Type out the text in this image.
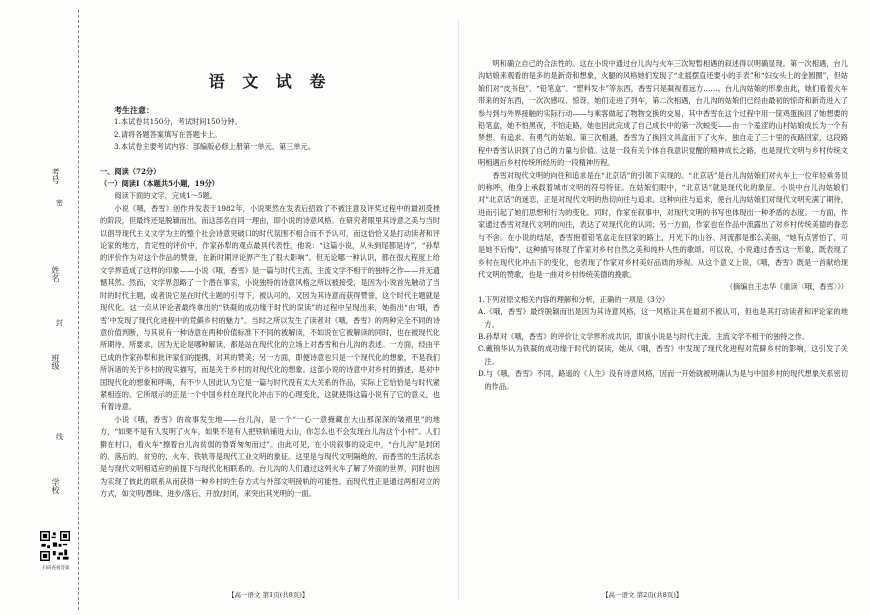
考号
姓名
班级
学校
密
封
线
扫码查看答案
语 文 试 卷
考生注意：

1.本试卷共150分，考试时间150分钟。

2.请将各题答案填写在答题卡上。

3.本试卷主要考试内容：部编版必修上册第一单元、第三单元。

一、阅读（72分）

（一）阅读Ⅰ（本题共5小题，19分）

阅读下面的文字，完成1～5题。

小说《哦，香雪》创作并发表于1982年，小说果然在发表后招致了不被注意及评奖过程中的最初受挫的阶段，但最终还是脱颖而出。而这部名自同一理由，即小说的诗意风格。在研究者眼里其诗意之美与当时以倡导现代主义文学为主的整个社会诗意突破口的时代氛围不相合而不予认可，而这恰恰又是打动读者和评论家的地方，肯定性的评价中，作家孙犁的观点最具代表性，他说：“这篇小说，从头到尾都是诗”，“孙犁的评价作为对这个作品的赞誉，在新时期评论界产生了很大影响”。但无论哪一种认识，都在很大程度上给文学界造成了这样的印象——小说《哦，香雪》是一篇与时代主流、主流文学不相干的独特之作——并无遗憾其然。然而，文学界忽略了一个潜在事实，小说独特的诗意风格之所以被接受，是因为小说首先触动了当时的时代主题，或者说它是在时代主题的引导下，被认可的，又因为其诗意而获得赞誉，这个时代主题就是现代化。这一点从评论者最终拿出的“铁凝的成功缘于时代的误读”的过程中呈现出来，她指出“由‘哦，香雪’中发现了现代化进程中的荒僻乡村的魅力”。当时之所以发生了读者对《哦，香雪》的两种完全不同的诗意价值判断，与其说有一种诗意在两种价值标准下不同的被解读，不如说在它被解读的同时，也在被现代化所期待、所要求，因为无论是哪种解读，都是站在现代化的立场上对香雪和台儿沟的表述。一方面，经由平已成的作家孙犁和批评家们的提携，对其的赞美；另一方面，即便诗意也只是一个现代化的想象，不是我们所诉诸的关于乡村的现实描写，而是关于乡村的对现代化的想象。这部小说的诗意中对乡村的描述，是对中国现代化的想象和呼唤，有不少人因此认为它是一篇与时代没有太大关系的作品，实际上它恰恰是与时代紧紧相连的。它所展示的正是一个中国乡村在现代化冲击下的心理变化，这就使得这篇小说有了它的意义，也有着诗意。

小说《哦，香雪》的故事发生地——台儿沟，是一个“一心一意掩藏在大山那深深的皱褶里”的地方，“如果不是有人发明了火车，如果不是有人把铁轨铺进大山，你怎么也不会发现台儿沟这个小村”。人们擀在村口，看火车“擦着台儿沟贫弱的脊背匆匆而过”。由此可见，在小说叙事的设定中，“台儿沟”是封闭的、落后的、贫穷的，火车、铁轨等是现代工业文明的象征。这里是与现代文明隔绝的，而香雪的生活状态是与现代文明相适应的前提下与现代化相联系的。台儿沟的人们通过这列火车了解了外面的世界，同时也因为实现了彼此的联系从而获得一种乡村的生存方式与外部文明接轨的可能性。而现代性正是通过两相对立的方式，如文明/愚昧、进步/落后、开放/封闭，来突出其光明的一面。

明和确立自己的合法性的。这在小说中通过台儿沟与火车三次短暂相遇的叙述得以明确显现。第一次相遇，台儿沟姑娘来观看的是多的是新奇和想象，火腿的风格她们发现了“北摇摆直还要小的手表”和“妇女头上的金圆圈”，但姑娘们对“皮书包”、“铅笔盒”、“塑料发卡”等东西，香雪只是凝视着远方……。台儿沟姑娘的形象由此，她们看着火车带来的好东西，一次次感叹、惊讶，她们走进了列车，第二次相遇，台儿沟的姑娘们已经由最初的惊奇和新奇进入了参与到与外界接触的实际行动——与乘客做起了物物交换的交易，其中香雪在这个过程中用一筐鸡蛋换回了她想要的铅笔盒，她不怕黑夜，不怕走路，她也因此完成了自己成长中的第一次蜕变——由一个羞涩的山村姑娘成长为一个有梦想、有追求、有勇气的姑娘。第三次相遇，香雪为了换回文具盒而下了火车，独自走了三十里的夜路回家，这段路程中香雪认识到了自己的力量与价值。这是一段有关个体自我意识觉醒的精神成长之路，也是现代文明与乡村传统文明相遇后乡村传统所经历的一段精神历程。

香雪对现代文明的向往和追求是在“北京话”的引领下实现的。“北京话”是台儿沟姑娘们对火车上一位年轻乘务员的称呼，他身上承载着城市文明的符号特征。在姑娘们眼中，“北京话”就是现代化的象征。小说中台儿沟姑娘们对“北京话”的迷恋，正是对现代文明的热切向往与追求。这种向往与追求，使台儿沟姑娘们对现代文明充满了期待，进而引起了她们思想和行为的变化。同时，作家在叙事中，对现代文明的书写也体现出一种矛盾的态度。一方面，作家通过香雪对现代文明的向往，表达了对现代化的认同；另一方面，作家也在作品中流露出了对乡村传统美德的眷恋与不舍。在小说的结尾，香雪抱着铅笔盒走在回家的路上，月光下的山谷、河流都是那么美丽，“她有点害怕了，可是她不后悔”，这种描写体现了作家对乡村自然之美和纯朴人性的歌颂。可以说，小说通过香雪这一形象，既表现了乡村在现代化冲击下的变化，也表现了作家对乡村美好品质的珍视。从这个意义上说，《哦，香雪》既是一首献给现代文明的赞歌，也是一曲对乡村传统美德的挽歌。

（摘编自王志华《重读〈哦，香雪〉》）

1.下列对原文相关内容的理解和分析，正确的一项是（3分）

A.《哦，香雪》最终脱颖而出是因为其诗意风格，这一风格让其在最初不被认可，但也是其打动读者和评论家的地方。

B.孙犁对《哦，香雪》的评价让文学界形成共识，即该小说是与时代主流、主流文学不相干的独特之作。

C.戴锦华认为铁凝的成功缘于时代的误读，她从《哦，香雪》中发现了现代化进程对荒僻乡村的影响，这引发了关注。

D.与《哦，香雪》不同，路遥的《人生》没有诗意风格，因而一开始就被明确认为是与中国乡村的现代想象关系密切的作品。

【高一语文 第1页(共8页)】	【高一语文 第2页(共8页)】
